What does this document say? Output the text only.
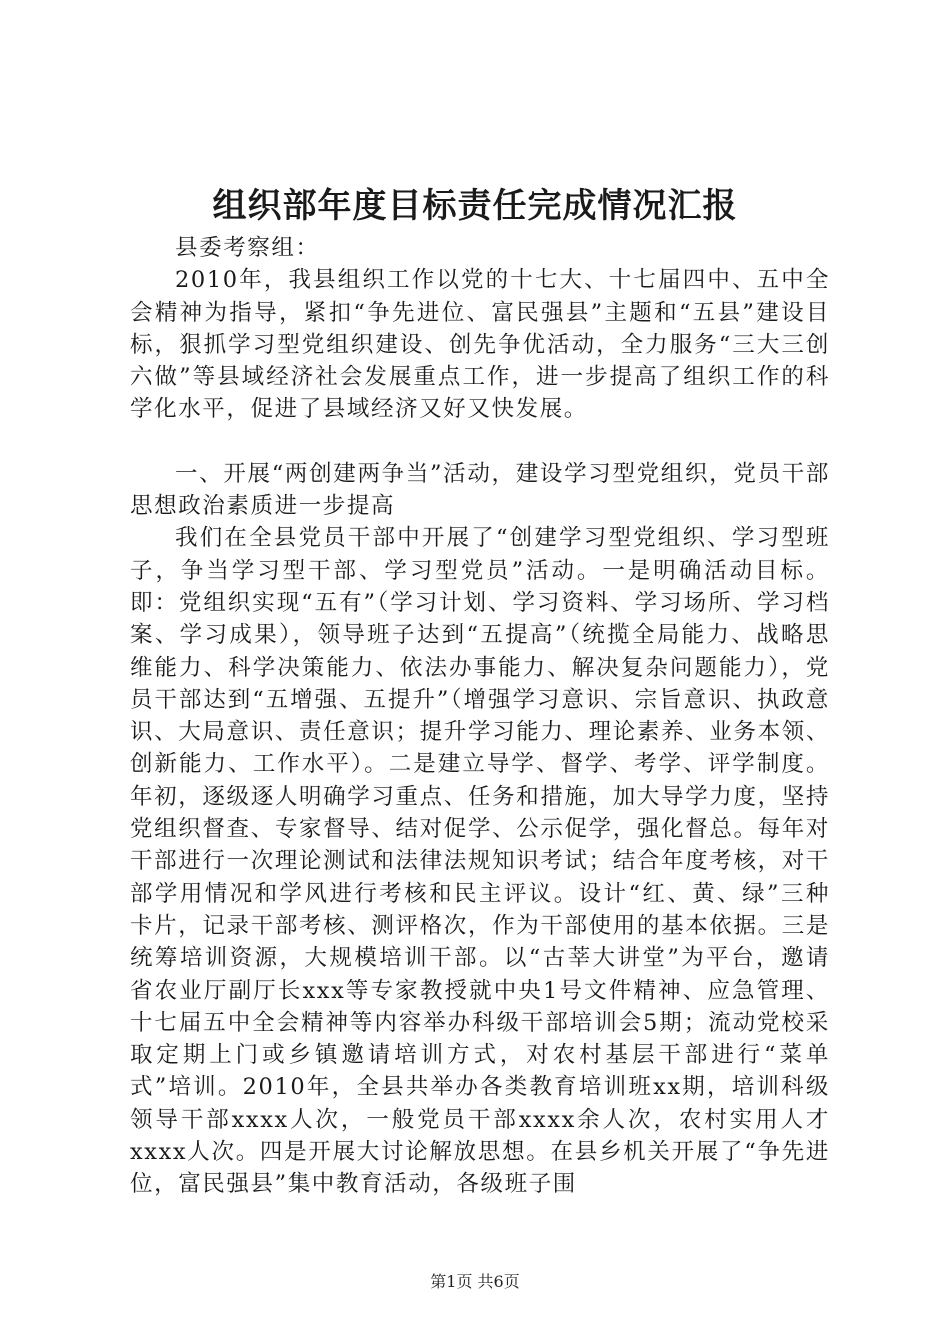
组织部年度目标责任完成情况汇报

县委考察组：

2010年，我县组织工作以党的十七大、十七届四中、五中全会精神为指导，紧扣“争先进位、富民强县”主题和“五县”建设目标，狠抓学习型党组织建设、创先争优活动，全力服务“三大三创六做”等县域经济社会发展重点工作，进一步提高了组织工作的科学化水平，促进了县域经济又好又快发展。

一、开展“两创建两争当”活动，建设学习型党组织，党员干部思想政治素质进一步提高

我们在全县党员干部中开展了“创建学习型党组织、学习型班子，争当学习型干部、学习型党员”活动。一是明确活动目标。即：党组织实现“五有”（学习计划、学习资料、学习场所、学习档案、学习成果），领导班子达到“五提高”（统揽全局能力、战略思维能力、科学决策能力、依法办事能力、解决复杂问题能力），党员干部达到“五增强、五提升”（增强学习意识、宗旨意识、执政意识、大局意识、责任意识；提升学习能力、理论素养、业务本领、创新能力、工作水平）。二是建立导学、督学、考学、评学制度。年初，逐级逐人明确学习重点、任务和措施，加大导学力度，坚持党组织督查、专家督导、结对促学、公示促学，强化督总。每年对干部进行一次理论测试和法律法规知识考试；结合年度考核，对干部学用情况和学风进行考核和民主评议。设计“红、黄、绿”三种卡片，记录干部考核、测评格次，作为干部使用的基本依据。三是统筹培训资源，大规模培训干部。以“古莘大讲堂”为平台，邀请省农业厅副厅长xxx等专家教授就中央1号文件精神、应急管理、十七届五中全会精神等内容举办科级干部培训会5期；流动党校采取定期上门或乡镇邀请培训方式，对农村基层干部进行“菜单式”培训。2010年，全县共举办各类教育培训班xx期，培训科级领导干部xxxx人次，一般党员干部xxxx余人次，农村实用人才xxxx人次。四是开展大讨论解放思想。在县乡机关开展了“争先进位，富民强县”集中教育活动，各级班子围

第1页 共6页
